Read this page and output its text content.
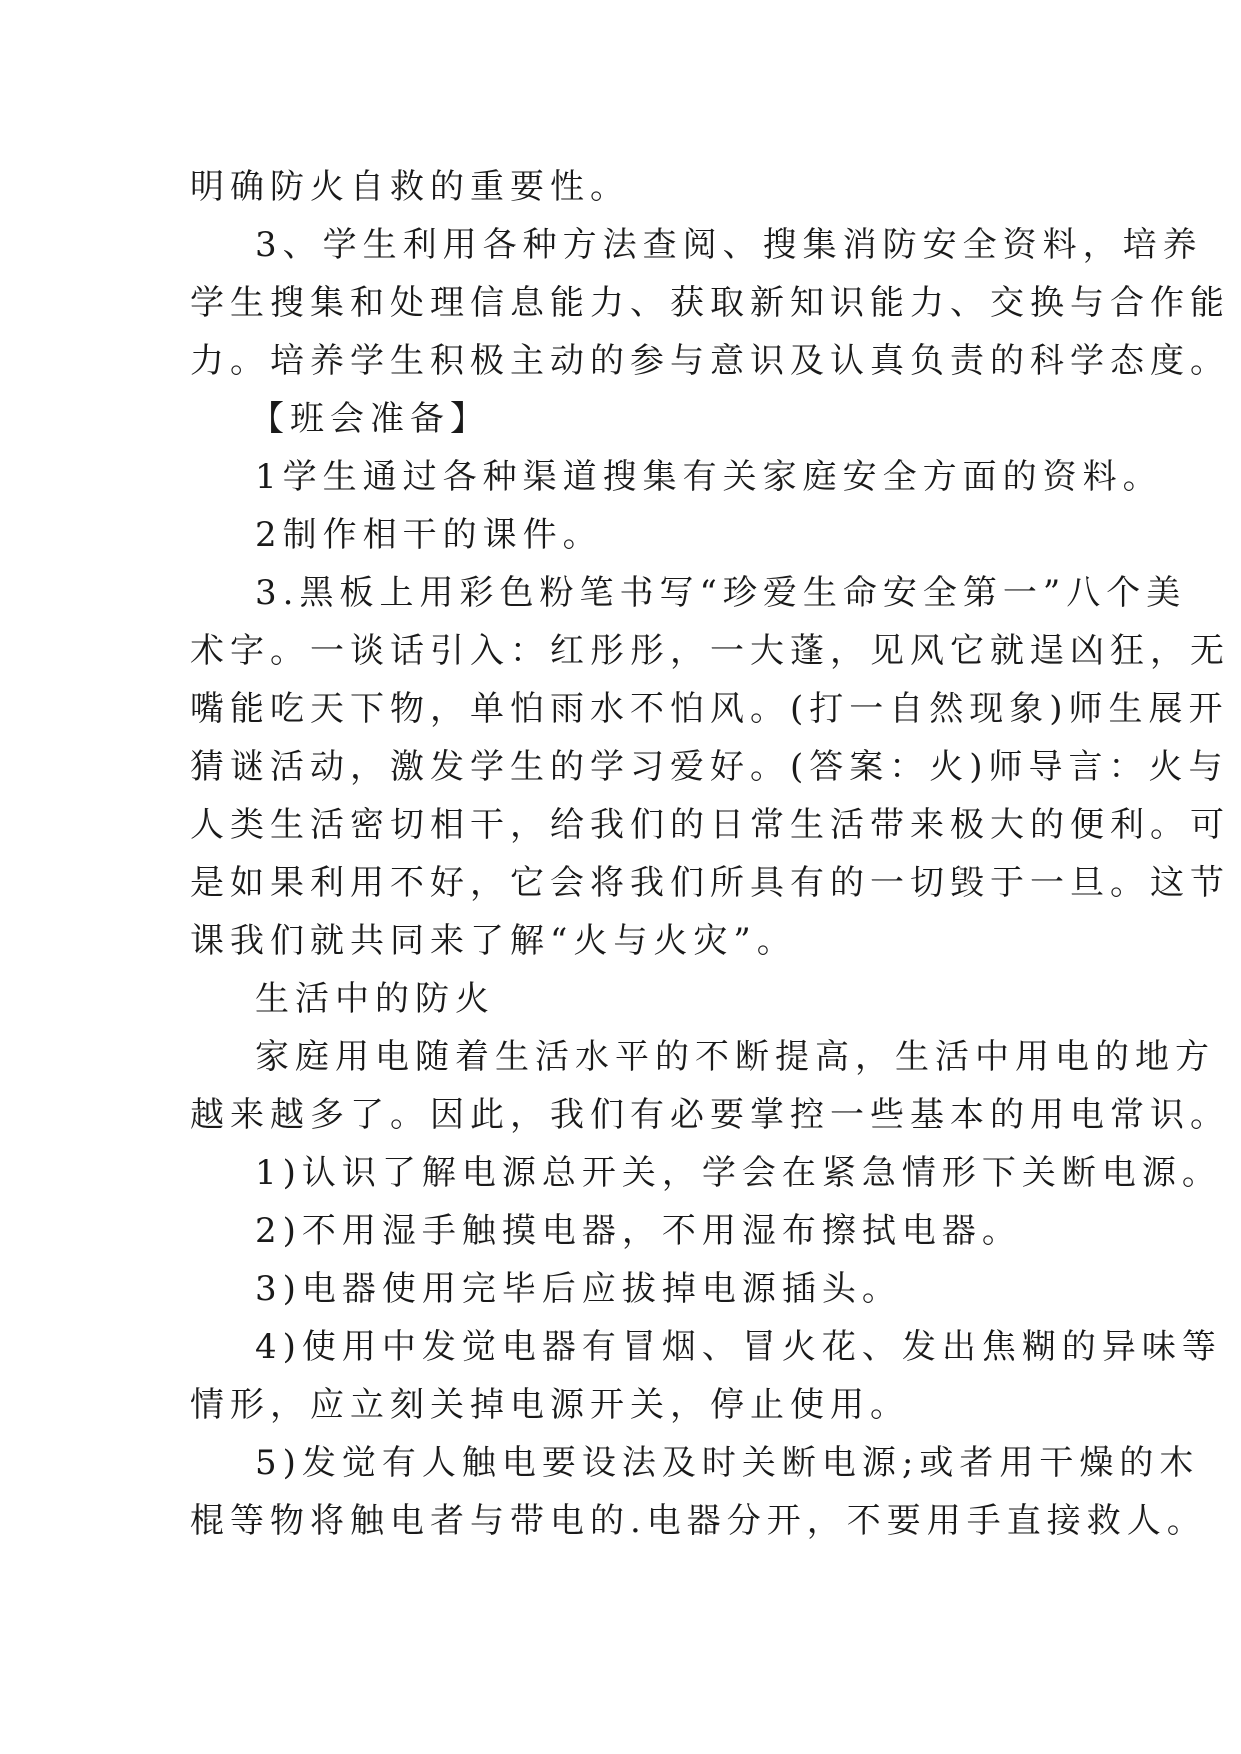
明确防火自救的重要性。
3、学生利用各种方法查阅、搜集消防安全资料，培养
学生搜集和处理信息能力、获取新知识能力、交换与合作能
力。培养学生积极主动的参与意识及认真负责的科学态度。
【班会准备】
1学生通过各种渠道搜集有关家庭安全方面的资料。
2制作相干的课件。
3.黑板上用彩色粉笔书写“珍爱生命安全第一”八个美
术字。一谈话引入：红彤彤，一大蓬，见风它就逞凶狂，无
嘴能吃天下物，单怕雨水不怕风。(打一自然现象)师生展开
猜谜活动，激发学生的学习爱好。(答案：火)师导言：火与
人类生活密切相干，给我们的日常生活带来极大的便利。可
是如果利用不好，它会将我们所具有的一切毁于一旦。这节
课我们就共同来了解“火与火灾”。
生活中的防火
家庭用电随着生活水平的不断提高，生活中用电的地方
越来越多了。因此，我们有必要掌控一些基本的用电常识。
1)认识了解电源总开关，学会在紧急情形下关断电源。
2)不用湿手触摸电器，不用湿布擦拭电器。
3)电器使用完毕后应拔掉电源插头。
4)使用中发觉电器有冒烟、冒火花、发出焦糊的异味等
情形，应立刻关掉电源开关，停止使用。
5)发觉有人触电要设法及时关断电源;或者用干燥的木
棍等物将触电者与带电的.电器分开，不要用手直接救人。
